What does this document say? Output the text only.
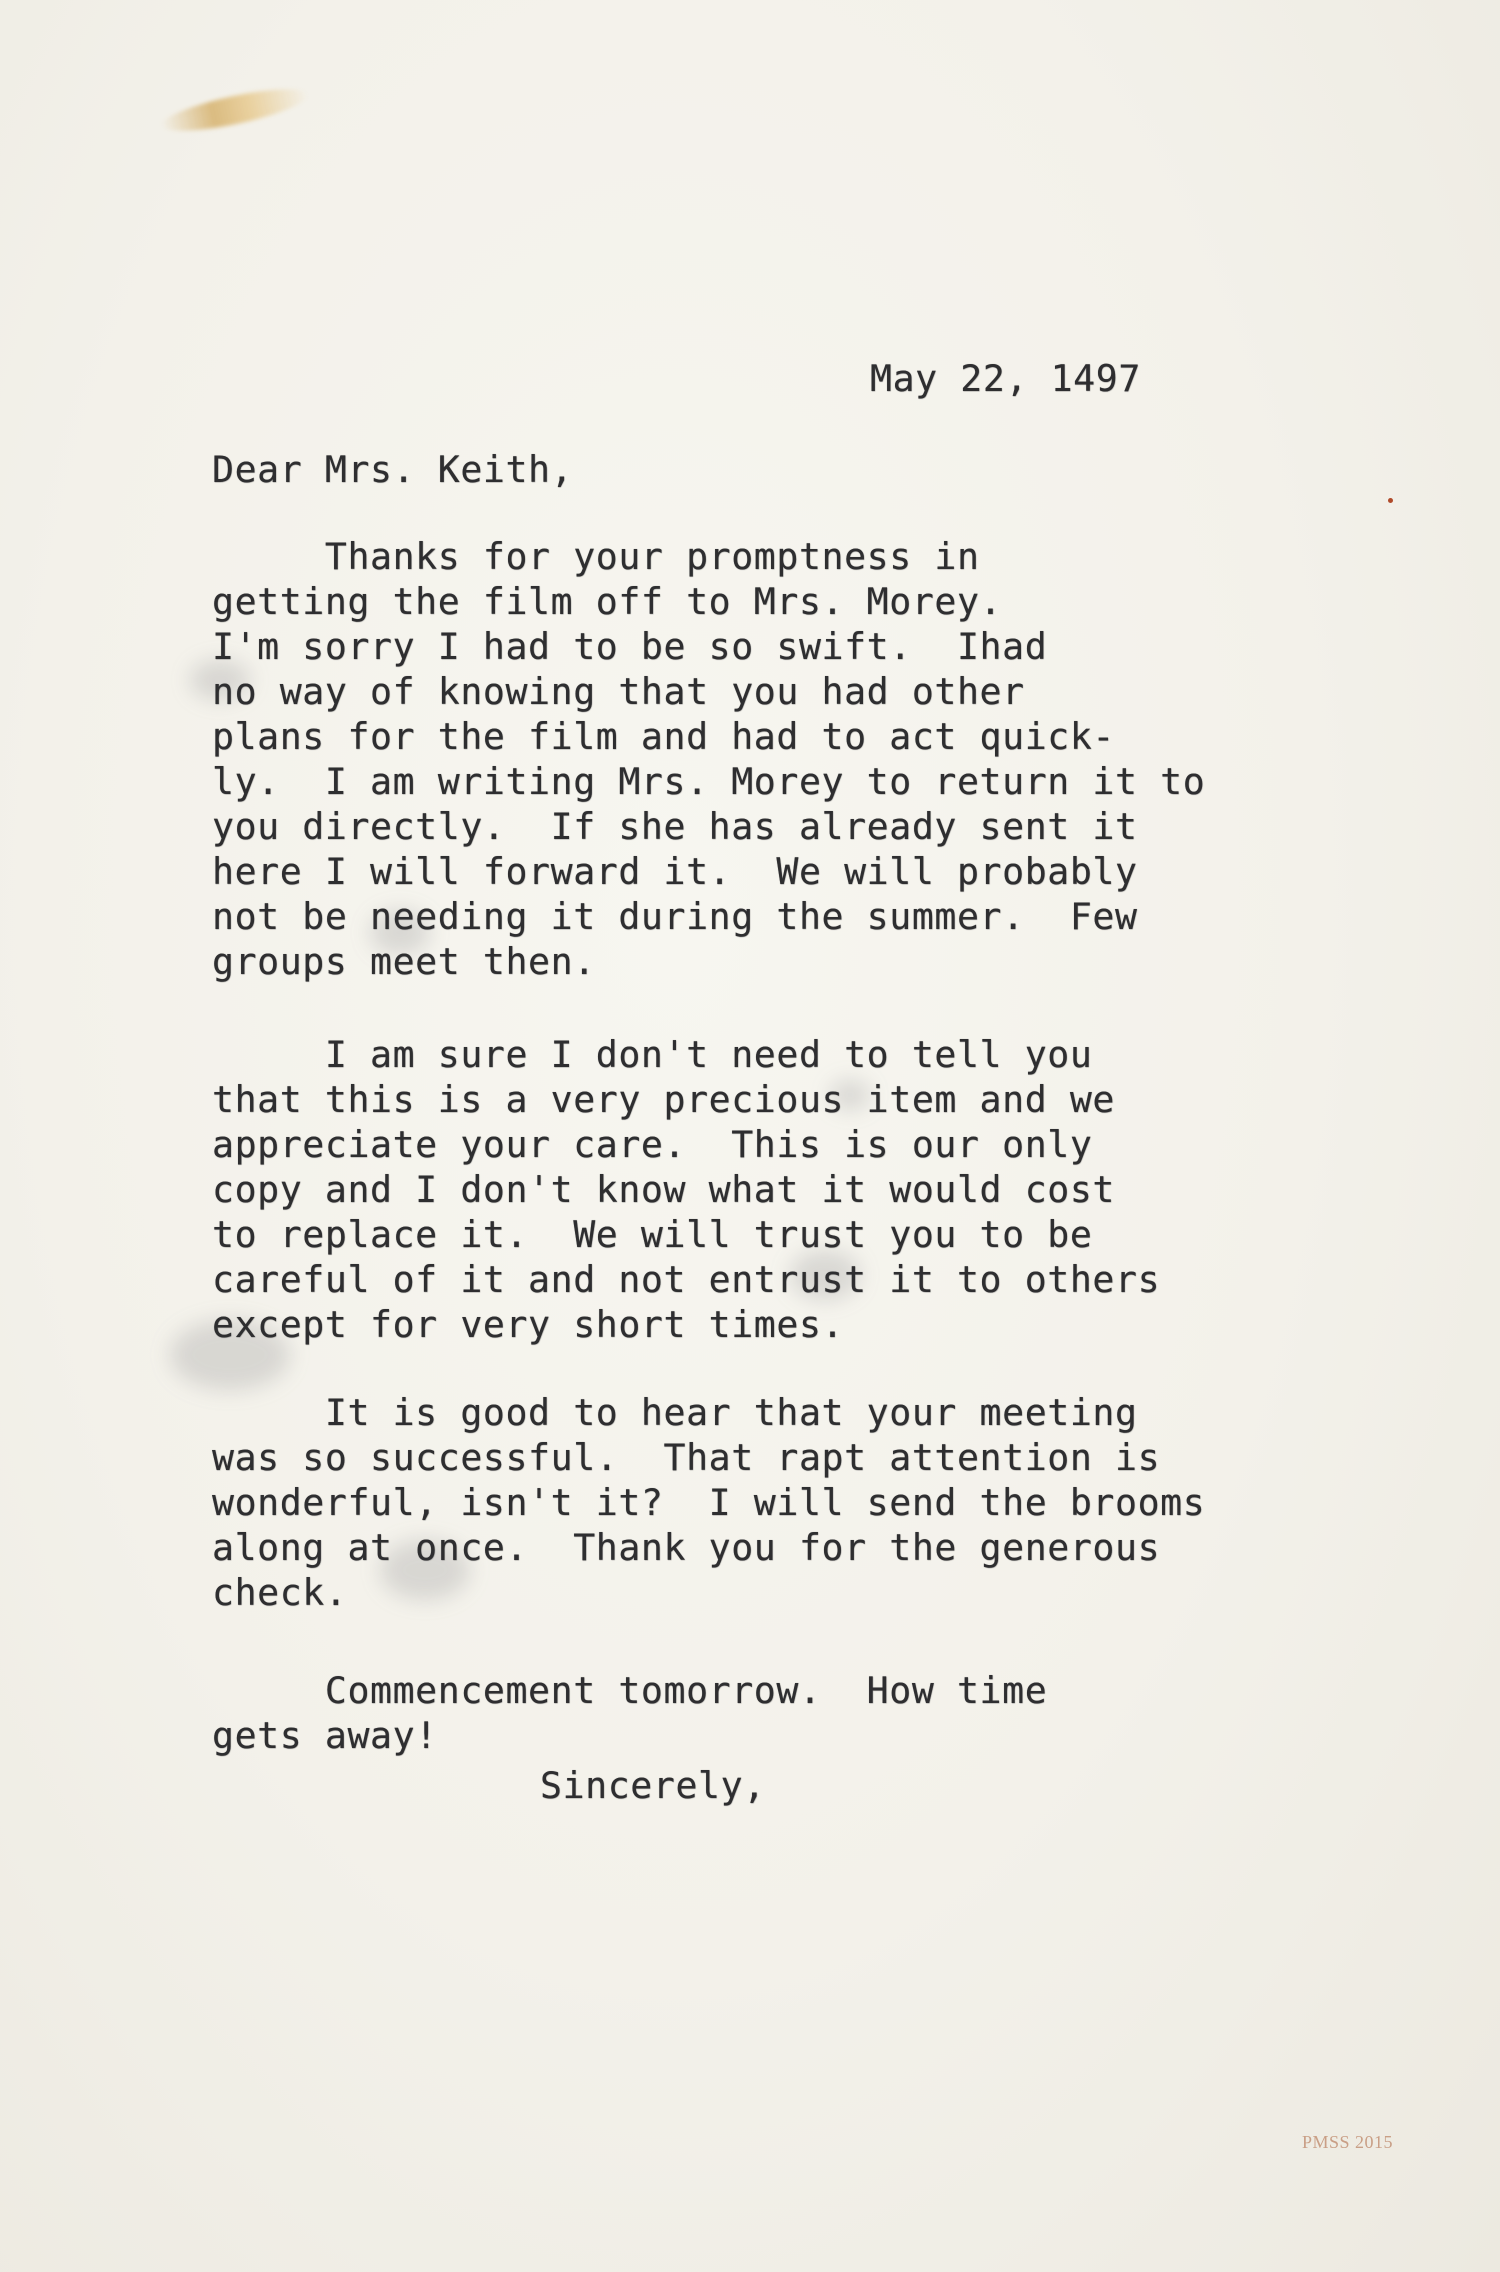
May 22, 1497
Dear Mrs. Keith,
Thanks for your promptness in
getting the film off to Mrs. Morey.
I'm sorry I had to be so swift.  Ihad
no way of knowing that you had other
plans for the film and had to act quick-
ly.  I am writing Mrs. Morey to return it to
you directly.  If she has already sent it
here I will forward it.  We will probably
not be needing it during the summer.  Few
groups meet then.
I am sure I don't need to tell you
that this is a very precious item and we
appreciate your care.  This is our only
copy and I don't know what it would cost
to replace it.  We will trust you to be
careful of it and not entrust it to others
except for very short times.
It is good to hear that your meeting
was so successful.  That rapt attention is
wonderful, isn't it?  I will send the brooms
along at once.  Thank you for the generous
check.
Commencement tomorrow.  How time
gets away!
Sincerely,
PMSS 2015
